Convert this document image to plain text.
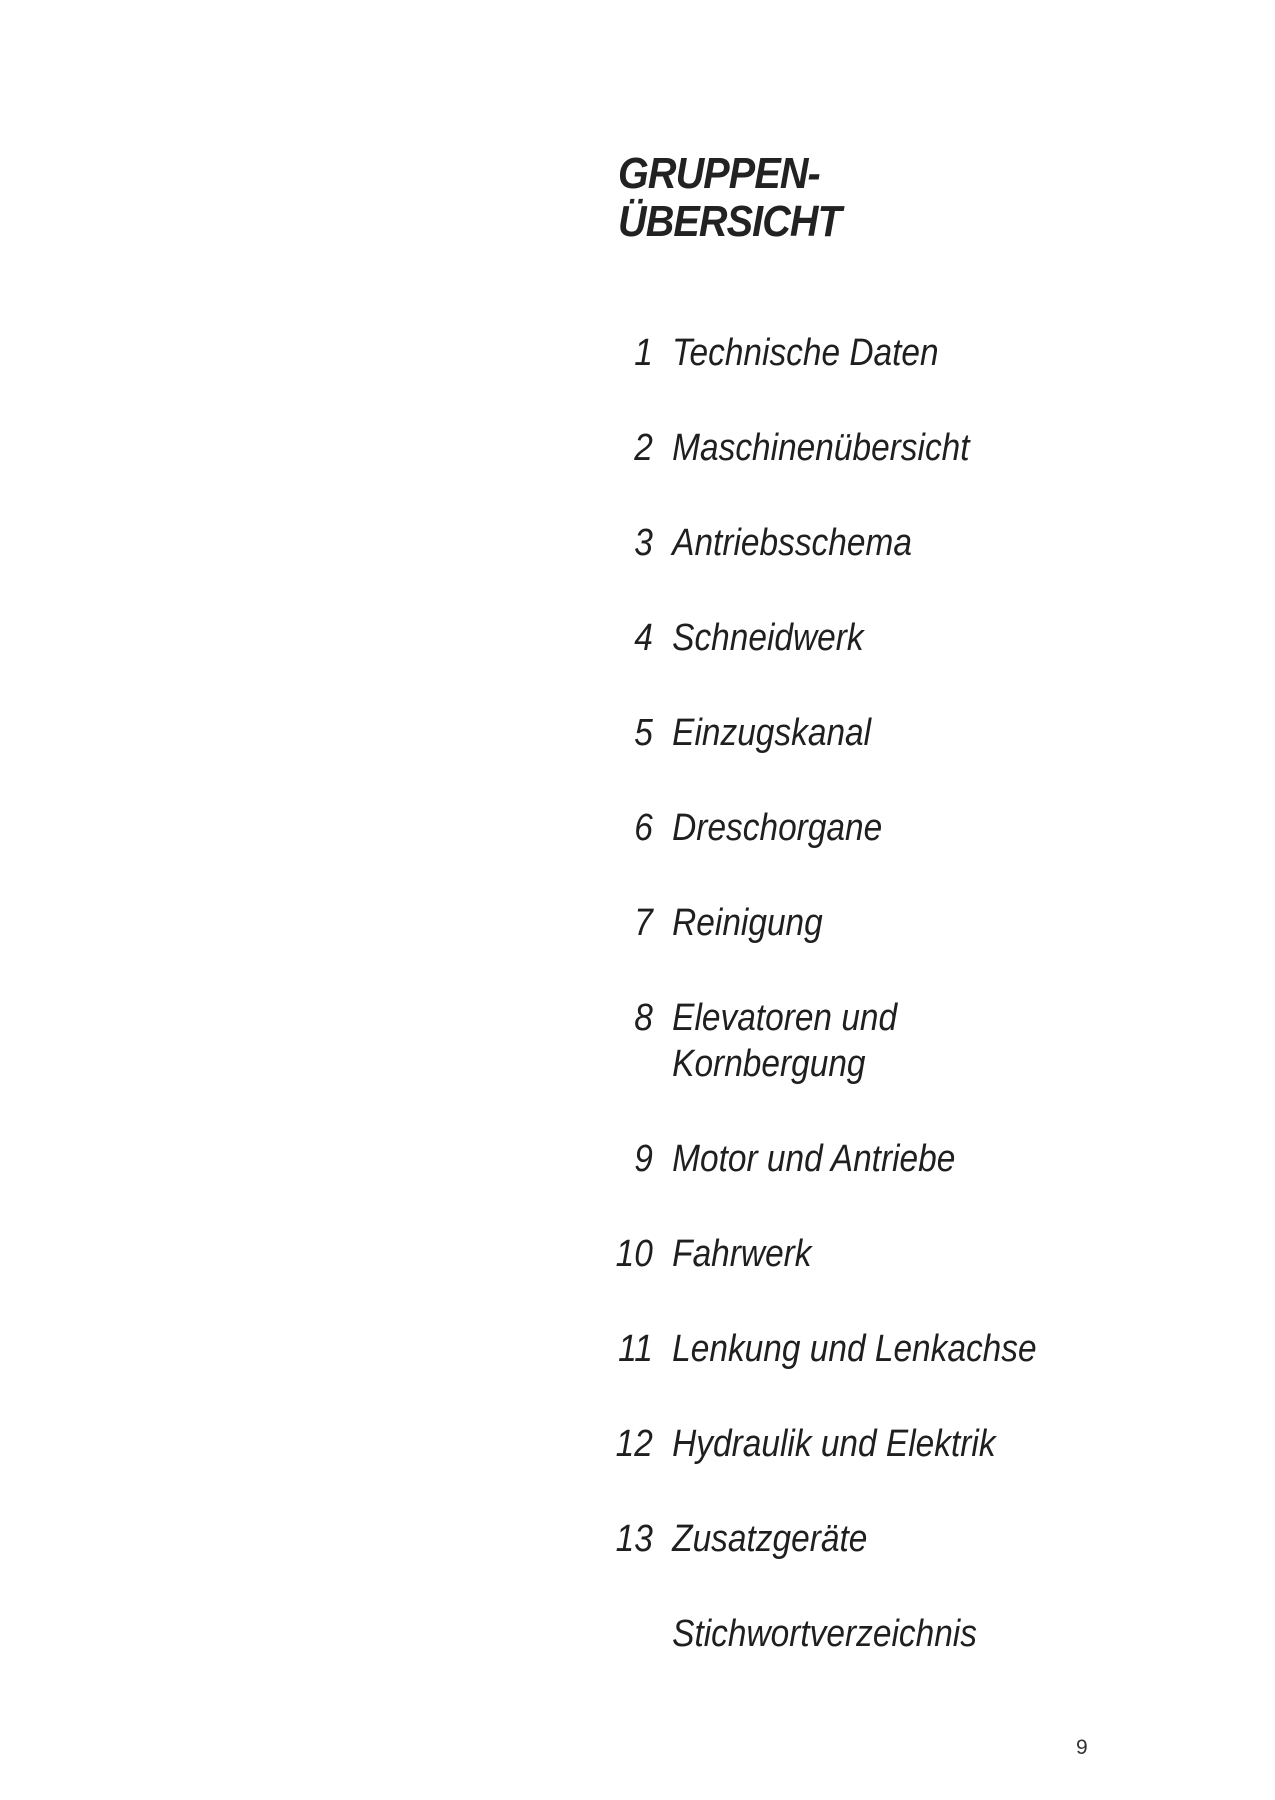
GRUPPEN-
ÜBERSICHT
1 Technische Daten
2 Maschinenübersicht
3 Antriebsschema
4 Schneidwerk
5 Einzugskanal
6 Dreschorgane
7 Reinigung
8 Elevatoren und Kornbergung
9 Motor und Antriebe
10 Fahrwerk
11 Lenkung und Lenkachse
12 Hydraulik und Elektrik
13 Zusatzgeräte
Stichwortverzeichnis
9
